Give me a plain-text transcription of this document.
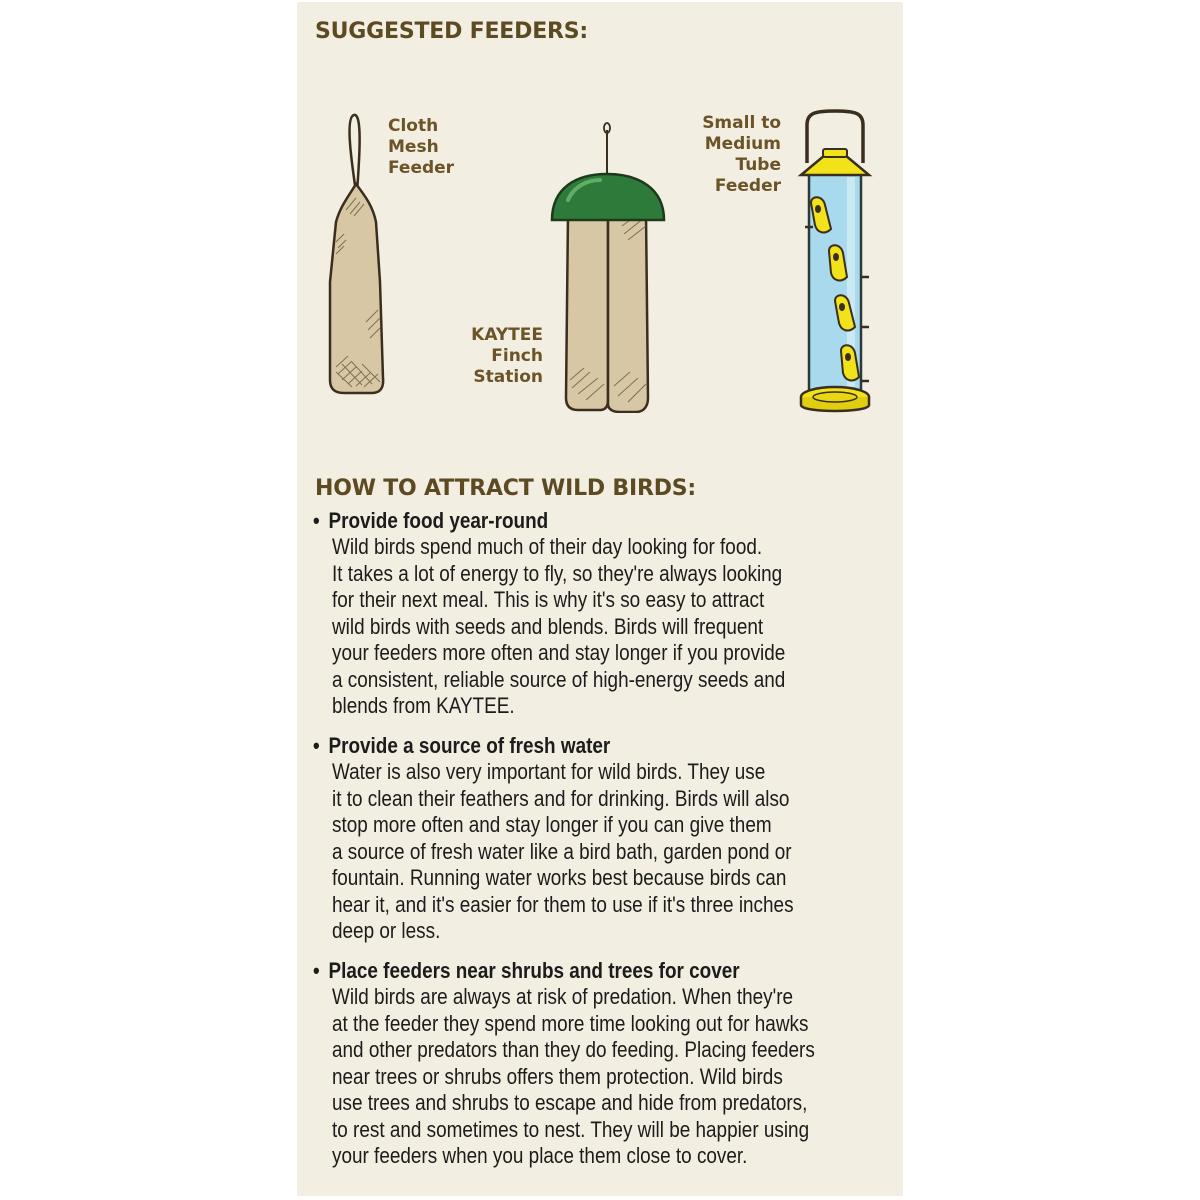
SUGGESTED FEEDERS:
Cloth
Mesh
Feeder
KAYTEE
Finch
Station
Small to
Medium
Tube
Feeder
HOW TO ATTRACT WILD BIRDS:
• Provide food year-round
Wild birds spend much of their day looking for food.
It takes a lot of energy to fly, so they're always looking
for their next meal. This is why it's so easy to attract
wild birds with seeds and blends. Birds will frequent
your feeders more often and stay longer if you provide
a consistent, reliable source of high-energy seeds and
blends from KAYTEE.
• Provide a source of fresh water
Water is also very important for wild birds. They use
it to clean their feathers and for drinking. Birds will also
stop more often and stay longer if you can give them
a source of fresh water like a bird bath, garden pond or
fountain. Running water works best because birds can
hear it, and it's easier for them to use if it's three inches
deep or less.
• Place feeders near shrubs and trees for cover
Wild birds are always at risk of predation. When they're
at the feeder they spend more time looking out for hawks
and other predators than they do feeding. Placing feeders
near trees or shrubs offers them protection. Wild birds
use trees and shrubs to escape and hide from predators,
to rest and sometimes to nest. They will be happier using
your feeders when you place them close to cover.
